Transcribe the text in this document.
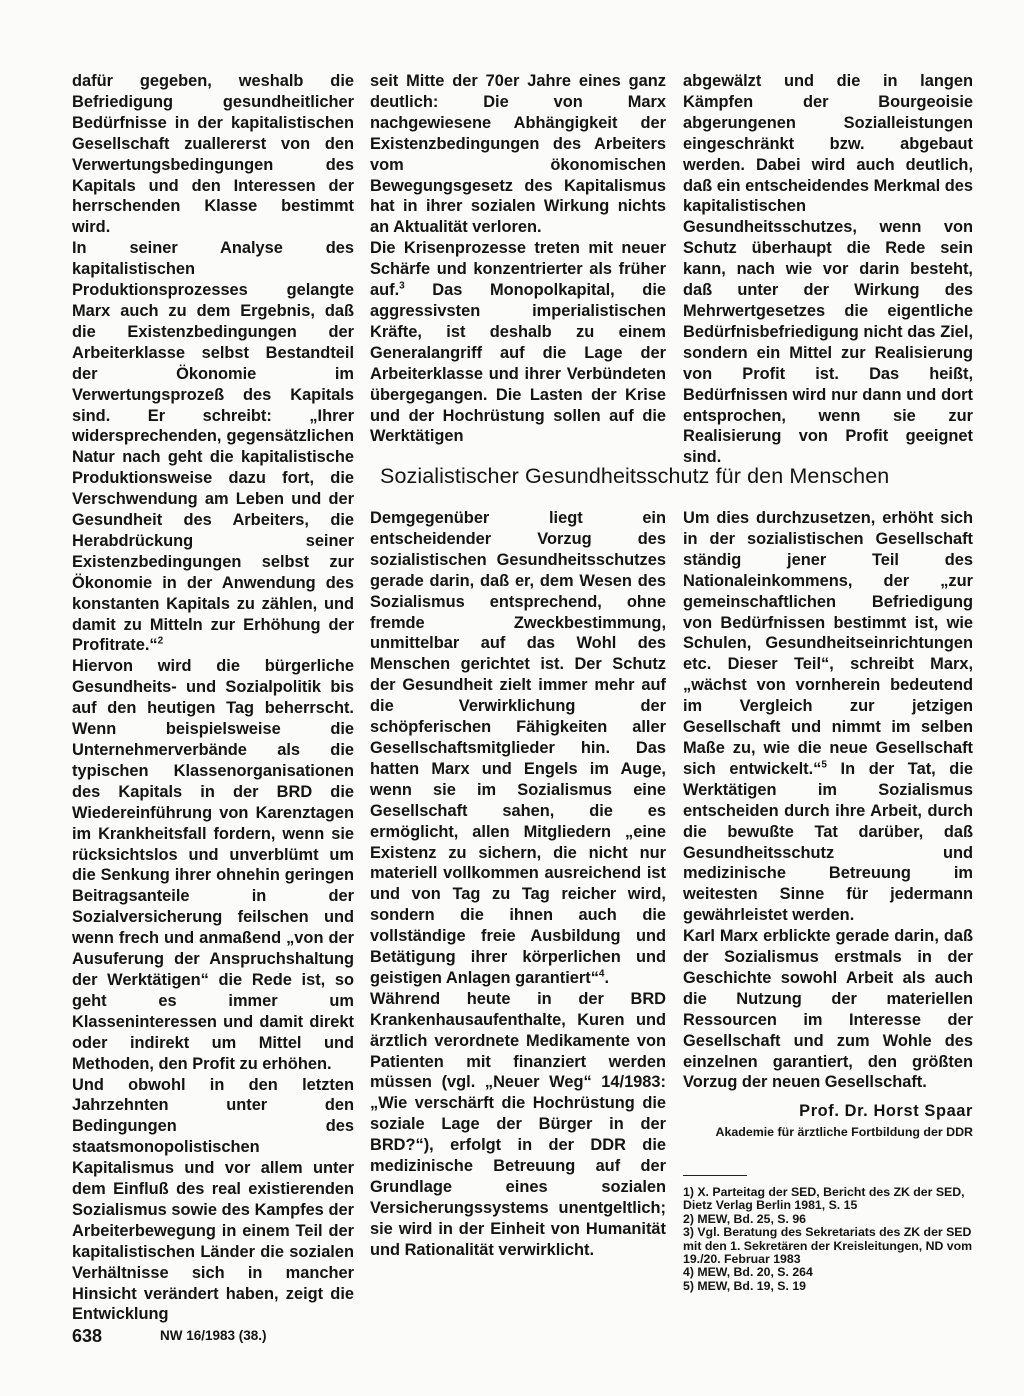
dafür gegeben, weshalb die Befriedigung gesundheitlicher Bedürfnisse in der kapitalistischen Gesellschaft zuallererst von den Verwertungsbedingungen des Kapitals und den Interessen der herrschenden Klasse bestimmt wird.

In seiner Analyse des kapitalistischen Produktionsprozesses gelangte Marx auch zu dem Ergebnis, daß die Existenzbedingungen der Arbeiterklasse selbst Bestandteil der Ökonomie im Verwertungsprozeß des Kapitals sind. Er schreibt: „Ihrer widersprechenden, gegensätzlichen Natur nach geht die kapitalistische Produktionsweise dazu fort, die Verschwendung am Leben und der Gesundheit des Arbeiters, die Herabdrückung seiner Existenzbedingungen selbst zur Ökonomie in der Anwendung des konstanten Kapitals zu zählen, und damit zu Mitteln zur Erhöhung der Profitrate.“$^2$

Hiervon wird die bürgerliche Gesundheits- und Sozialpolitik bis auf den heutigen Tag beherrscht. Wenn beispielsweise die Unternehmerverbände als die typischen Klassenorganisationen des Kapitals in der BRD die Wiedereinführung von Karenztagen im Krankheitsfall fordern, wenn sie rücksichtslos und unverblümt um die Senkung ihrer ohnehin geringen Beitragsanteile in der Sozialversicherung feilschen und wenn frech und anmaßend „von der Ausuferung der Anspruchshaltung der Werktätigen“ die Rede ist, so geht es immer um Klasseninteressen und damit direkt oder indirekt um Mittel und Methoden, den Profit zu erhöhen.

Und obwohl in den letzten Jahrzehnten unter den Bedingungen des staatsmonopolistischen Kapitalismus und vor allem unter dem Einfluß des real existierenden Sozialismus sowie des Kampfes der Arbeiterbewegung in einem Teil der kapitalistischen Länder die sozialen Verhältnisse sich in mancher Hinsicht verändert haben, zeigt die Entwicklung

seit Mitte der 70er Jahre eines ganz deutlich: Die von Marx nachgewiesene Abhängigkeit der Existenzbedingungen des Arbeiters vom ökonomischen Bewegungsgesetz des Kapitalismus hat in ihrer sozialen Wirkung nichts an Aktualität verloren.

Die Krisenprozesse treten mit neuer Schärfe und konzentrierter als früher auf.$^3$ Das Monopolkapital, die aggressivsten imperialistischen Kräfte, ist deshalb zu einem Generalangriff auf die Lage der Arbeiterklasse und ihrer Verbündeten übergegangen. Die Lasten der Krise und der Hochrüstung sollen auf die Werktätigen

abgewälzt und die in langen Kämpfen der Bourgeoisie abgerungenen Sozialleistungen eingeschränkt bzw. abgebaut werden. Dabei wird auch deutlich, daß ein entscheidendes Merkmal des kapitalistischen Gesundheitsschutzes, wenn von Schutz überhaupt die Rede sein kann, nach wie vor darin besteht, daß unter der Wirkung des Mehrwertgesetzes die eigentliche Bedürfnisbefriedigung nicht das Ziel, sondern ein Mittel zur Realisierung von Profit ist. Das heißt, Bedürfnissen wird nur dann und dort entsprochen, wenn sie zur Realisierung von Profit geeignet sind.

Sozialistischer Gesundheitsschutz für den Menschen

Demgegenüber liegt ein entscheidender Vorzug des sozialistischen Gesundheitsschutzes gerade darin, daß er, dem Wesen des Sozialismus entsprechend, ohne fremde Zweckbestimmung, unmittelbar auf das Wohl des Menschen gerichtet ist. Der Schutz der Gesundheit zielt immer mehr auf die Verwirklichung der schöpferischen Fähigkeiten aller Gesellschaftsmitglieder hin. Das hatten Marx und Engels im Auge, wenn sie im Sozialismus eine Gesellschaft sahen, die es ermöglicht, allen Mitgliedern „eine Existenz zu sichern, die nicht nur materiell vollkommen ausreichend ist und von Tag zu Tag reicher wird, sondern die ihnen auch die vollständige freie Ausbildung und Betätigung ihrer körperlichen und geistigen Anlagen garantiert“$^4$.

Während heute in der BRD Krankenhausaufenthalte, Kuren und ärztlich verordnete Medikamente von Patienten mit finanziert werden müssen (vgl. „Neuer Weg“ 14/1983: „Wie verschärft die Hochrüstung die soziale Lage der Bürger in der BRD?“), erfolgt in der DDR die medizinische Betreuung auf der Grundlage eines sozialen Versicherungssystems unentgeltlich; sie wird in der Einheit von Humanität und Rationalität verwirklicht.

Um dies durchzusetzen, erhöht sich in der sozialistischen Gesellschaft ständig jener Teil des Nationaleinkommens, der „zur gemeinschaftlichen Befriedigung von Bedürfnissen bestimmt ist, wie Schulen, Gesundheitseinrichtungen etc. Dieser Teil“, schreibt Marx, „wächst von vornherein bedeutend im Vergleich zur jetzigen Gesellschaft und nimmt im selben Maße zu, wie die neue Gesellschaft sich entwickelt.“$^5$ In der Tat, die Werktätigen im Sozialismus entscheiden durch ihre Arbeit, durch die bewußte Tat darüber, daß Gesundheitsschutz und medizinische Betreuung im weitesten Sinne für jedermann gewährleistet werden.

Karl Marx erblickte gerade darin, daß der Sozialismus erstmals in der Geschichte sowohl Arbeit als auch die Nutzung der materiellen Ressourcen im Interesse der Gesellschaft und zum Wohle des einzelnen garantiert, den größten Vorzug der neuen Gesellschaft.

Prof. Dr. Horst Spaar
Akademie für ärztliche Fortbildung der DDR

1) X. Parteitag der SED, Bericht des ZK der SED, Dietz Verlag Berlin 1981, S. 15

2) MEW, Bd. 25, S. 96

3) Vgl. Beratung des Sekretariats des ZK der SED mit den 1. Sekretären der Kreisleitungen, ND vom 19./20. Februar 1983

4) MEW, Bd. 20, S. 264

5) MEW, Bd. 19, S. 19

638	NW 16/1983 (38.)
